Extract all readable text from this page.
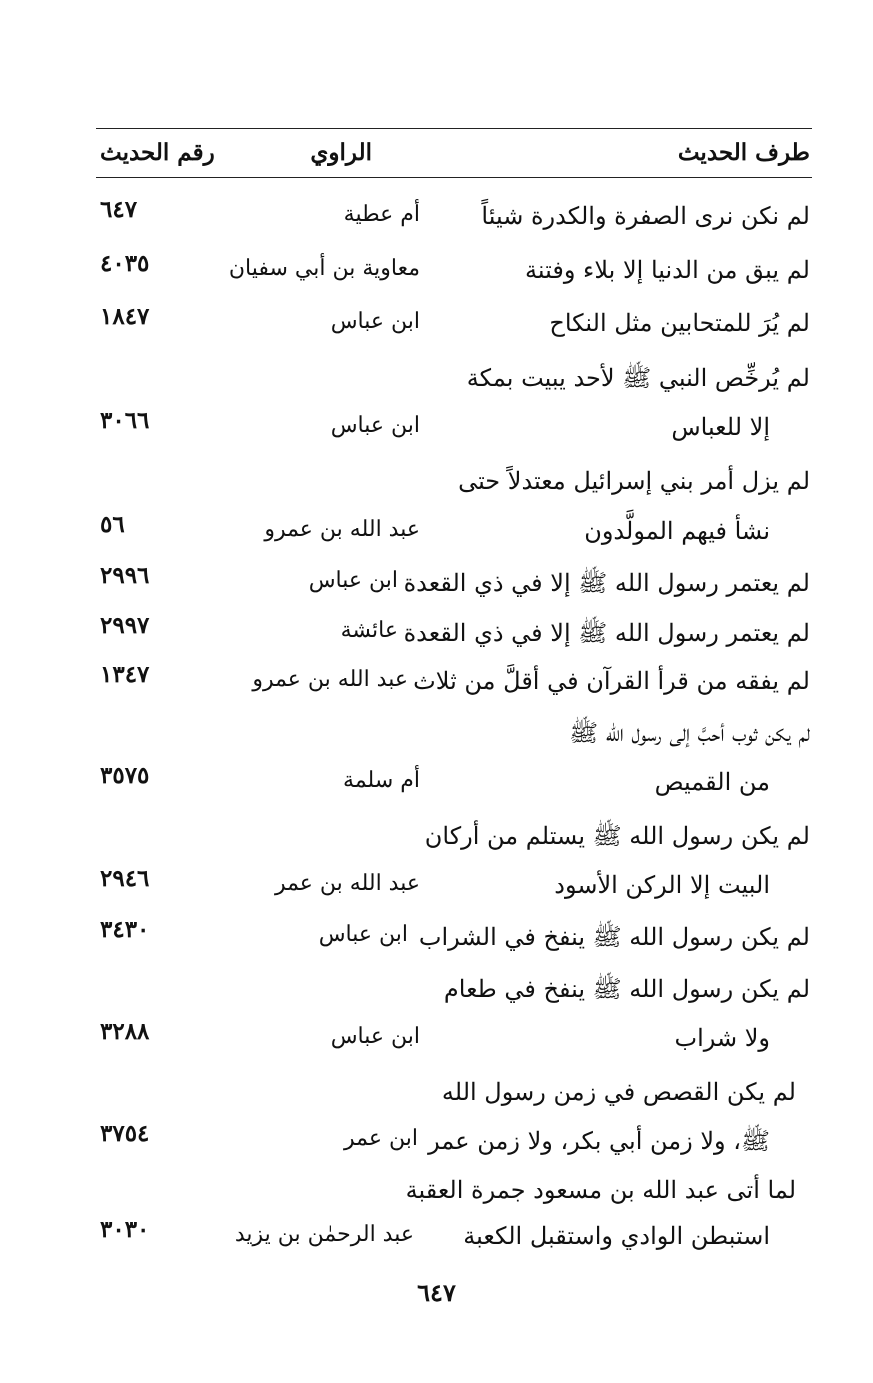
طرف الحديث
الراوي
رقم الحديث
لم نكن نرى الصفرة والكدرة شيئاً
أم عطية
٦٤٧
لم يبق من الدنيا إلا بلاء وفتنة
معاوية بن أبي سفيان
٤٠٣٥
لم يُرَ للمتحابين مثل النكاح
ابن عباس
١٨٤٧
لم يُرخِّص النبي ﷺ لأحد يبيت بمكة
إلا للعباس
ابن عباس
٣٠٦٦
لم يزل أمر بني إسرائيل معتدلاً حتى
نشأ فيهم المولَّدون
عبد الله بن عمرو
٥٦
لم يعتمر رسول الله ﷺ إلا في ذي القعدة
ابن عباس
٢٩٩٦
لم يعتمر رسول الله ﷺ إلا في ذي القعدة
عائشة
٢٩٩٧
لم يفقه من قرأ القرآن في أقلَّ من ثلاث
عبد الله بن عمرو
١٣٤٧
لم يكن ثوب أحبَّ إلى رسول الله ﷺ
من القميص
أم سلمة
٣٥٧٥
لم يكن رسول الله ﷺ يستلم من أركان
البيت إلا الركن الأسود
عبد الله بن عمر
٢٩٤٦
لم يكن رسول الله ﷺ ينفخ في الشراب
ابن عباس
٣٤٣٠
لم يكن رسول الله ﷺ ينفخ في طعام
ولا شراب
ابن عباس
٣٢٨٨
لم يكن القصص في زمن رسول الله
ﷺ، ولا زمن أبي بكر، ولا زمن عمر
ابن عمر
٣٧٥٤
لما أتى عبد الله بن مسعود جمرة العقبة
استبطن الوادي واستقبل الكعبة
عبد الرحمٰن بن يزيد
٣٠٣٠
٦٤٧
